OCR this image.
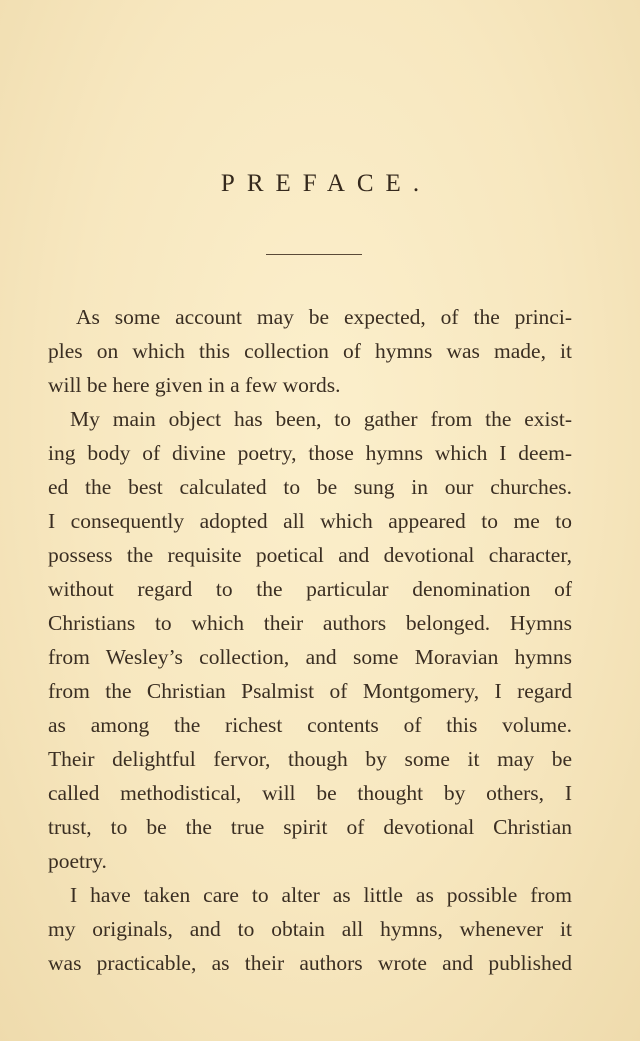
PREFACE.
As some account may be expected, of the princi-
ples on which this collection of hymns was made, it
will be here given in a few words.
My main object has been, to gather from the exist-
ing body of divine poetry, those hymns which I deem-
ed the best calculated to be sung in our churches.
I consequently adopted all which appeared to me to
possess the requisite poetical and devotional character,
without regard to the particular denomination of
Christians to which their authors belonged. Hymns
from Wesley’s collection, and some Moravian hymns
from the Christian Psalmist of Montgomery, I regard
as among the richest contents of this volume.
Their delightful fervor, though by some it may be
called methodistical, will be thought by others, I
trust, to be the true spirit of devotional Christian
poetry.
I have taken care to alter as little as possible from
my originals, and to obtain all hymns, whenever it
was practicable, as their authors wrote and published
